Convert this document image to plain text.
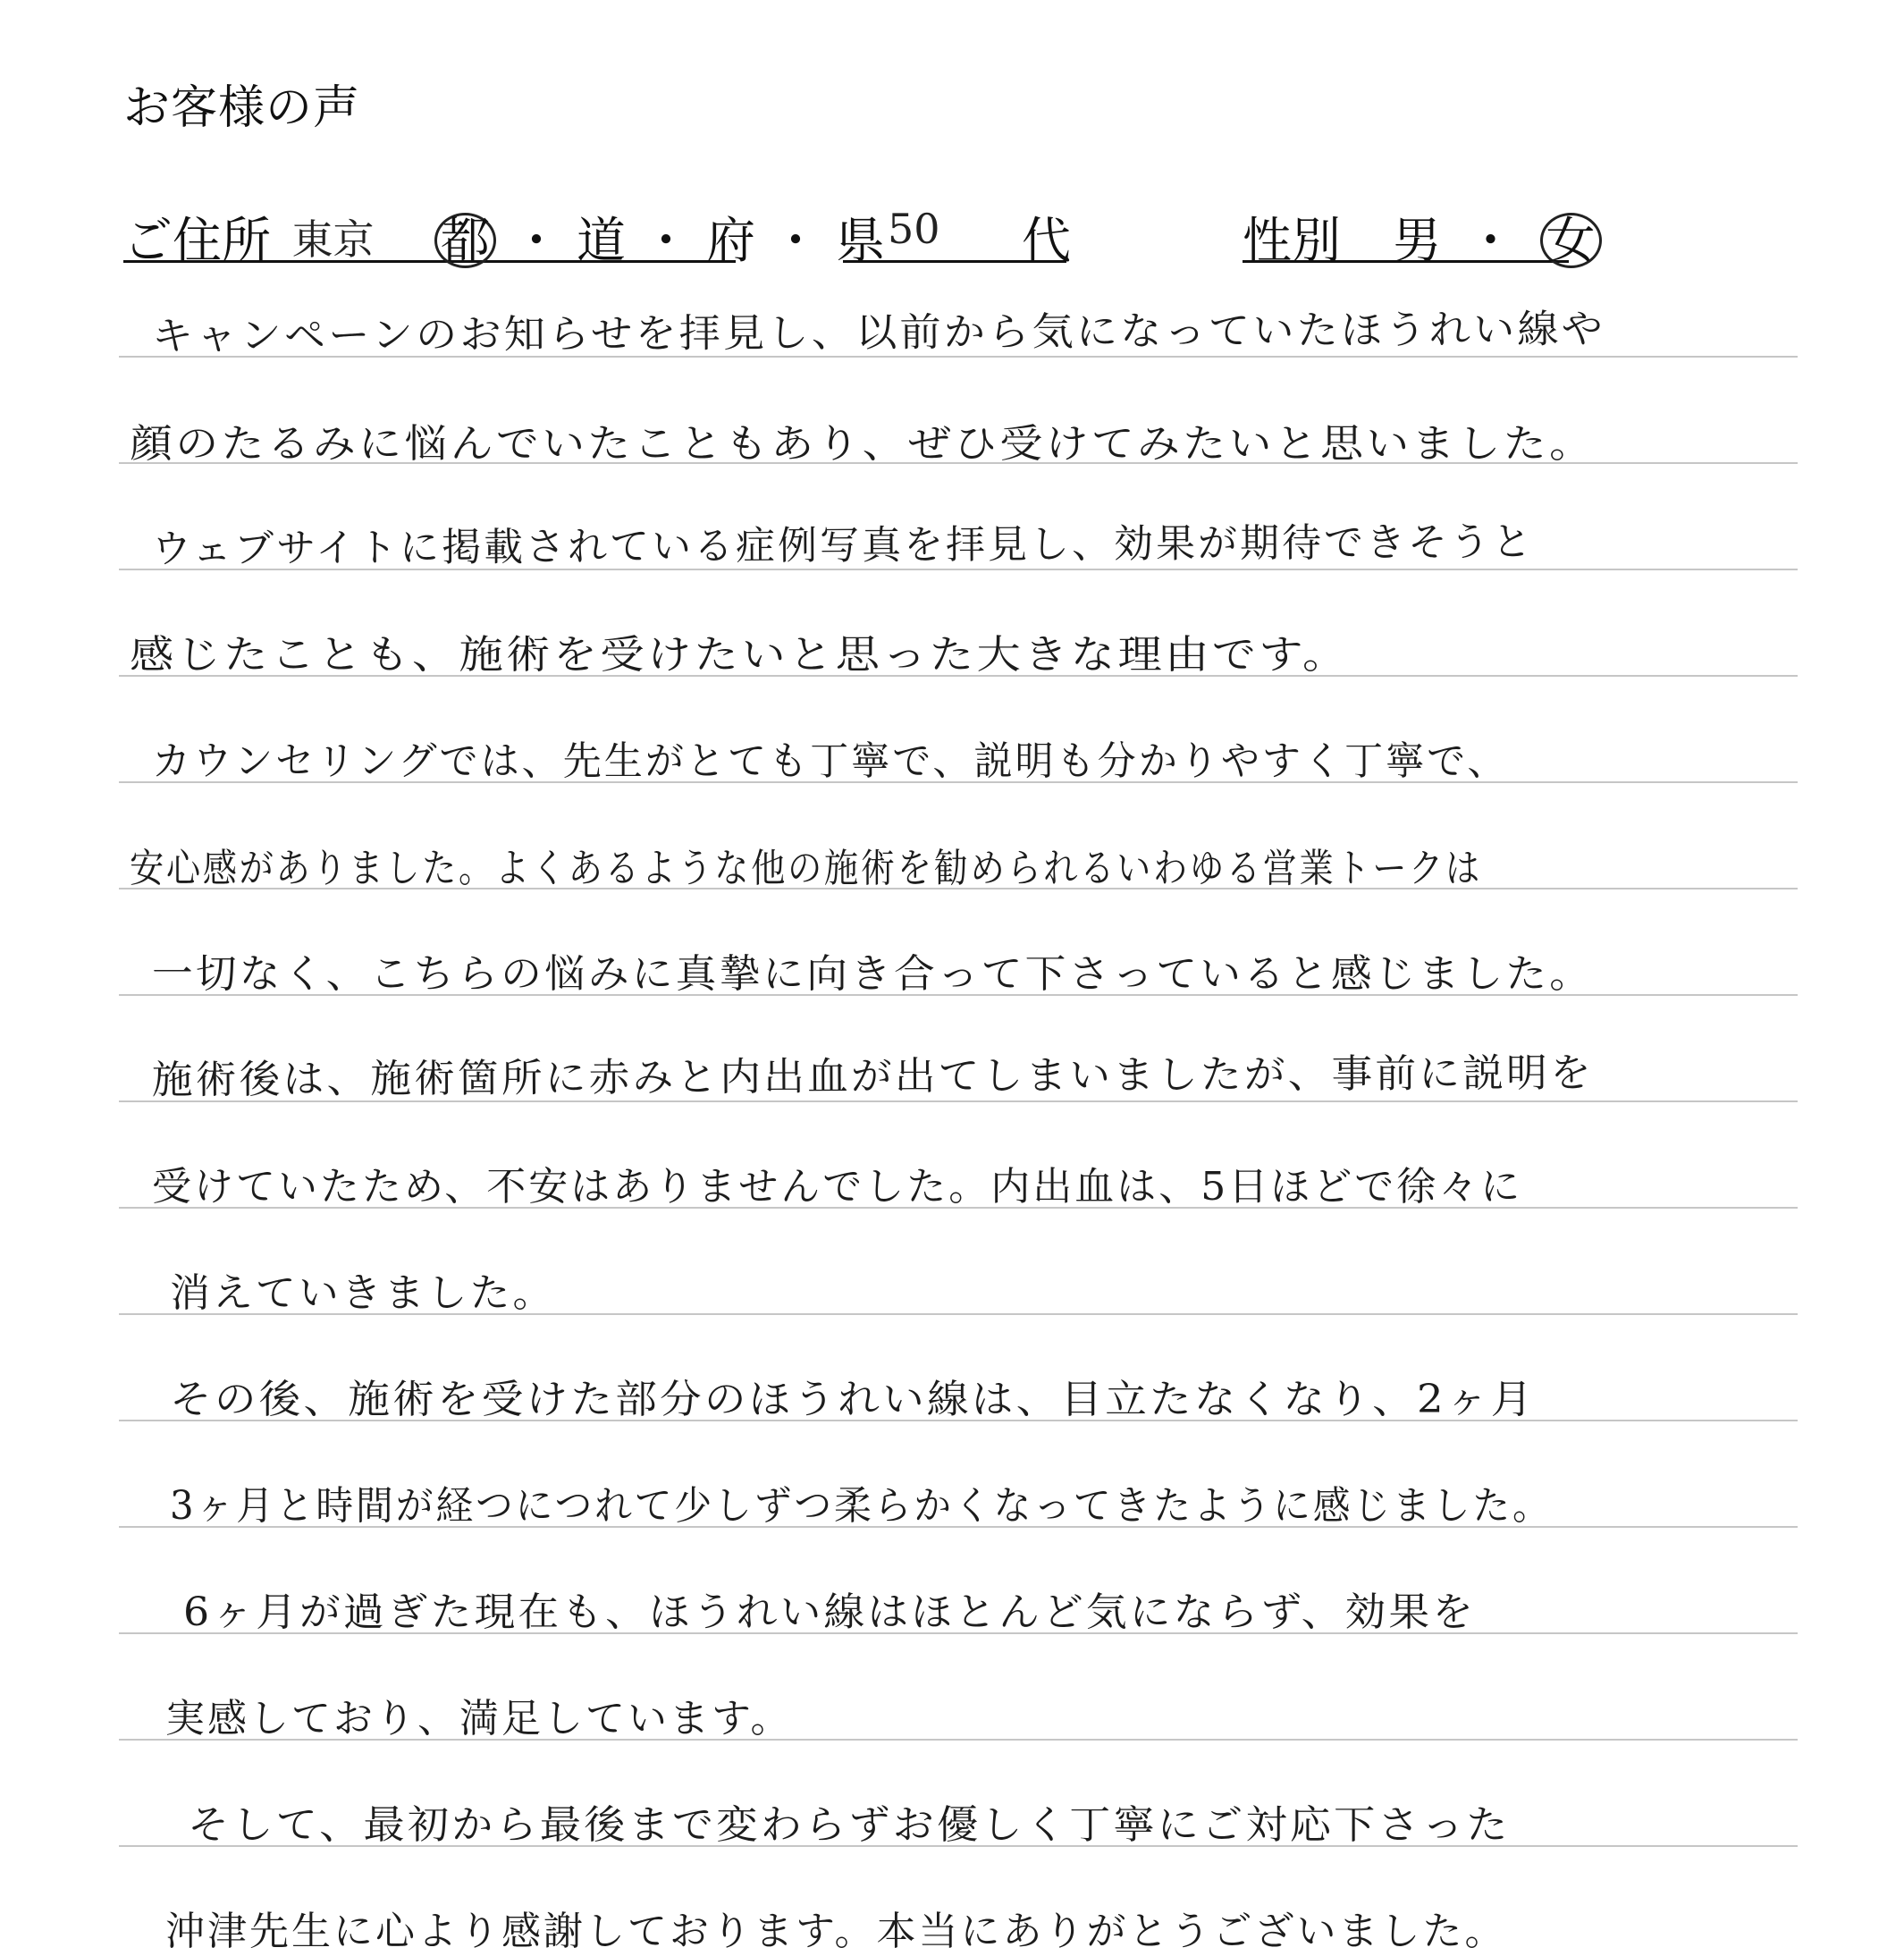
お客様の声
ご住所 東京 都 ・ 道 ・ 府 ・ 県 50 代	性別 男 ・ 女
キャンペーンのお知らせを拝見し、以前から気になっていたほうれい線や
顔のたるみに悩んでいたこともあり、ぜひ受けてみたいと思いました。
ウェブサイトに掲載されている症例写真を拝見し、効果が期待できそうと
感じたことも、施術を受けたいと思った大きな理由です。
カウンセリングでは、先生がとても丁寧で、説明も分かりやすく丁寧で、
安心感がありました。よくあるような他の施術を勧められるいわゆる営業トークは
一切なく、こちらの悩みに真摯に向き合って下さっていると感じました。
施術後は、施術箇所に赤みと内出血が出てしまいましたが、事前に説明を
受けていたため、不安はありませんでした。内出血は、5日ほどで徐々に
消えていきました。
その後、施術を受けた部分のほうれい線は、目立たなくなり、2ヶ月
3ヶ月と時間が経つにつれて少しずつ柔らかくなってきたように感じました。
6ヶ月が過ぎた現在も、ほうれい線はほとんど気にならず、効果を
実感しており、満足しています。
そして、最初から最後まで変わらずお優しく丁寧にご対応下さった
沖津先生に心より感謝しております。本当にありがとうございました。
